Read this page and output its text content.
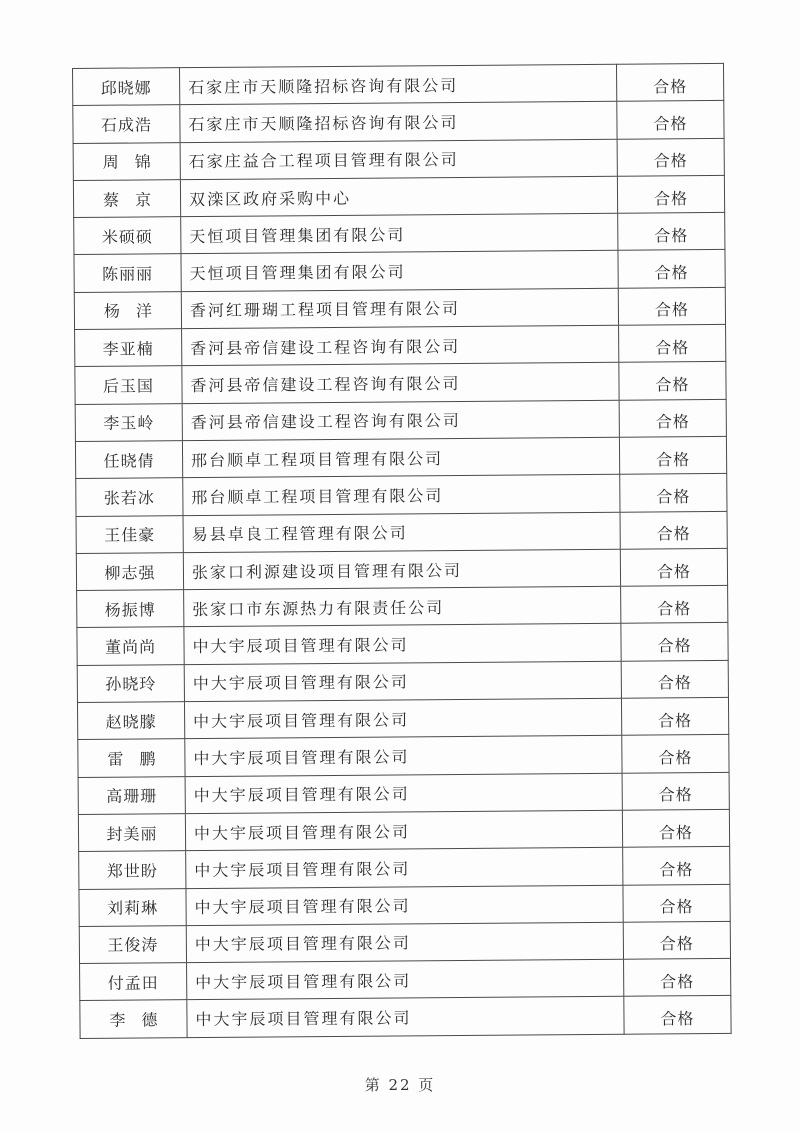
邱晓娜	石家庄市天顺隆招标咨询有限公司	合格
石成浩	石家庄市天顺隆招标咨询有限公司	合格
周锦	石家庄益合工程项目管理有限公司	合格
蔡京	双滦区政府采购中心	合格
米硕硕	天恒项目管理集团有限公司	合格
陈丽丽	天恒项目管理集团有限公司	合格
杨洋	香河红珊瑚工程项目管理有限公司	合格
李亚楠	香河县帝信建设工程咨询有限公司	合格
后玉国	香河县帝信建设工程咨询有限公司	合格
李玉岭	香河县帝信建设工程咨询有限公司	合格
任晓倩	邢台顺卓工程项目管理有限公司	合格
张若冰	邢台顺卓工程项目管理有限公司	合格
王佳豪	易县卓良工程管理有限公司	合格
柳志强	张家口利源建设项目管理有限公司	合格
杨振博	张家口市东源热力有限责任公司	合格
董尚尚	中大宇辰项目管理有限公司	合格
孙晓玲	中大宇辰项目管理有限公司	合格
赵晓朦	中大宇辰项目管理有限公司	合格
雷鹏	中大宇辰项目管理有限公司	合格
高珊珊	中大宇辰项目管理有限公司	合格
封美丽	中大宇辰项目管理有限公司	合格
郑世盼	中大宇辰项目管理有限公司	合格
刘莉琳	中大宇辰项目管理有限公司	合格
王俊涛	中大宇辰项目管理有限公司	合格
付孟田	中大宇辰项目管理有限公司	合格
李德	中大宇辰项目管理有限公司	合格
第 22 页
